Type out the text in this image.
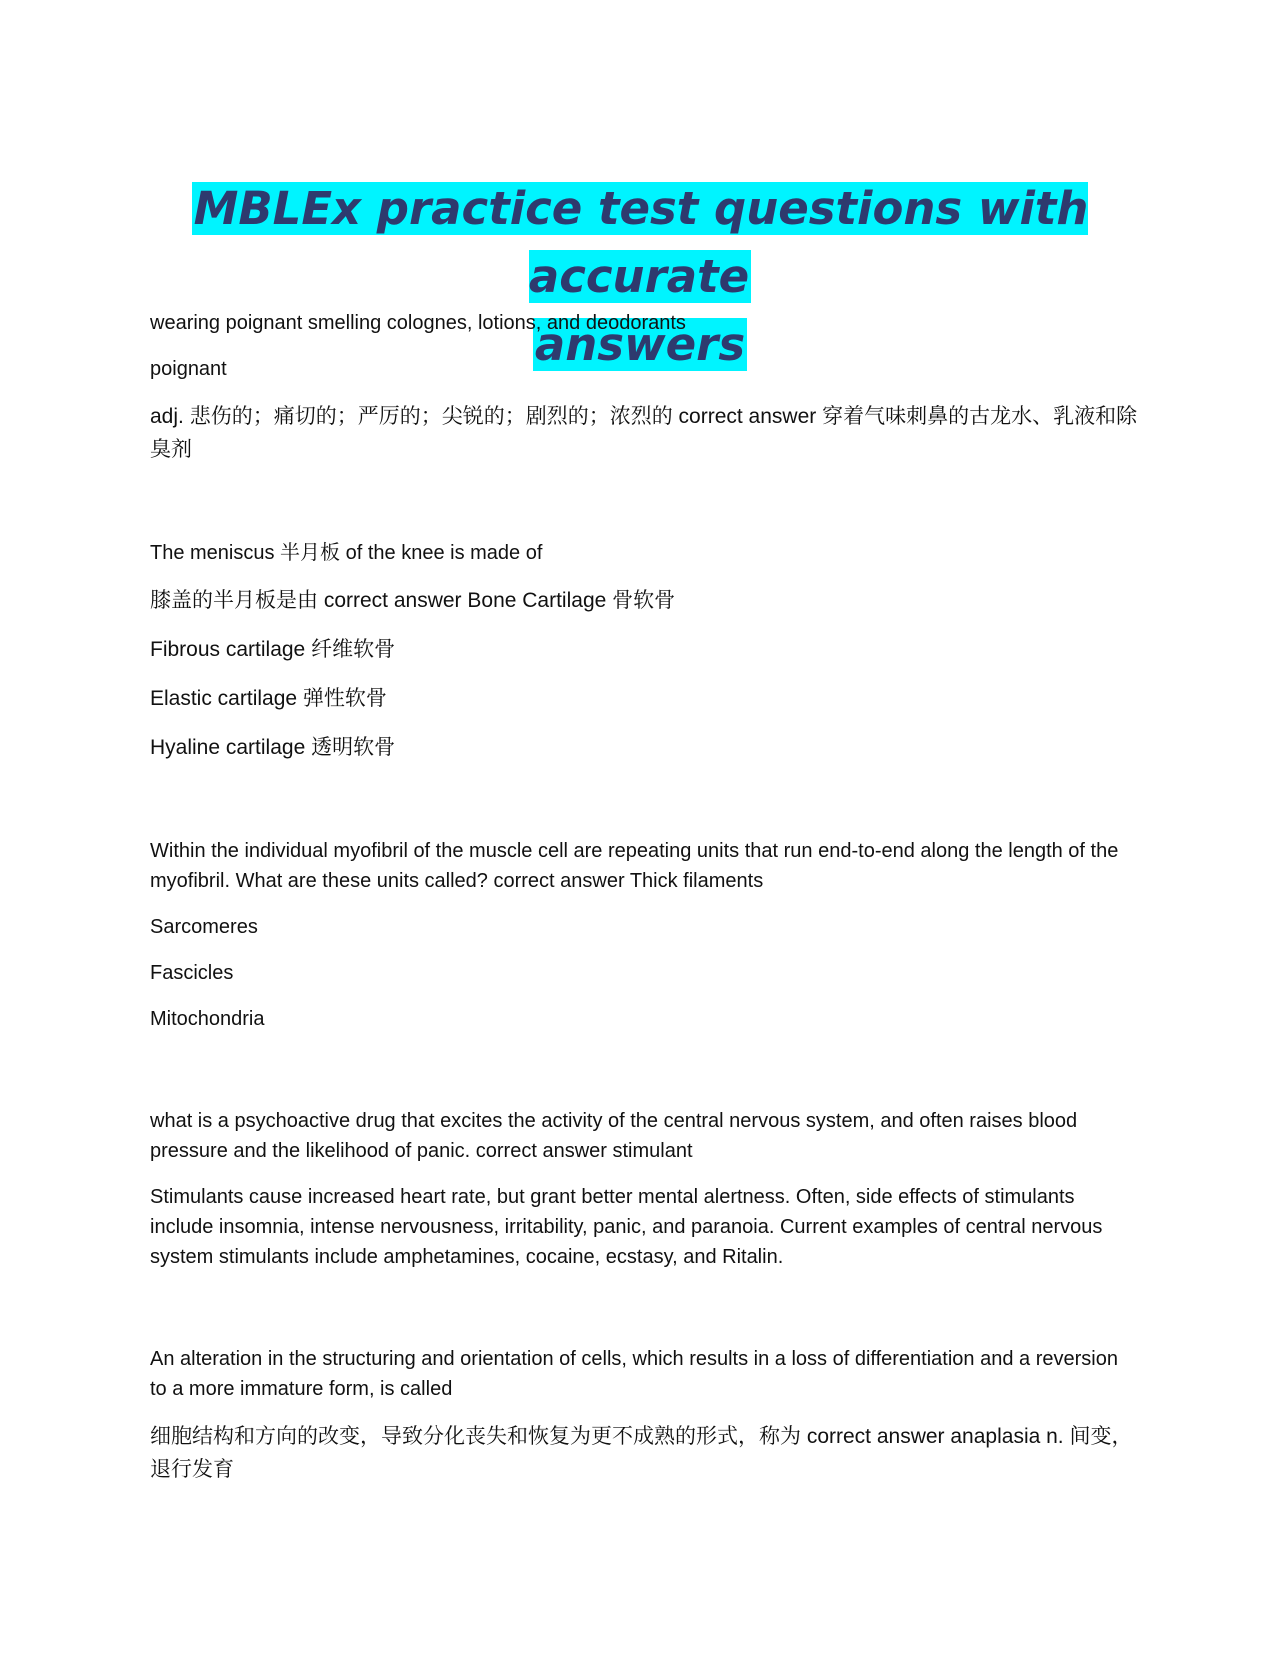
MBLEx practice test questions with accurate
answers

wearing poignant smelling colognes, lotions, and deodorants

poignant

adj. 悲伤的；痛切的；严厉的；尖锐的；剧烈的；浓烈的 correct answer 穿着气味刺鼻的古龙水、乳液和除臭剂

The meniscus 半月板 of the knee is made of

膝盖的半月板是由 correct answer Bone Cartilage 骨软骨

Fibrous cartilage 纤维软骨

Elastic cartilage 弹性软骨

Hyaline cartilage 透明软骨

Within the individual myofibril of the muscle cell are repeating units that run end-to-end along the length of the myofibril. What are these units called? correct answer Thick filaments

Sarcomeres

Fascicles

Mitochondria

what is a psychoactive drug that excites the activity of the central nervous system, and often raises blood pressure and the likelihood of panic. correct answer stimulant

Stimulants cause increased heart rate, but grant better mental alertness. Often, side effects of stimulants include insomnia, intense nervousness, irritability, panic, and paranoia. Current examples of central nervous system stimulants include amphetamines, cocaine, ecstasy, and Ritalin.

An alteration in the structuring and orientation of cells, which results in a loss of differentiation and a reversion to a more immature form, is called

细胞结构和方向的改变，导致分化丧失和恢复为更不成熟的形式，称为 correct answer anaplasia n. 间变，退行发育
